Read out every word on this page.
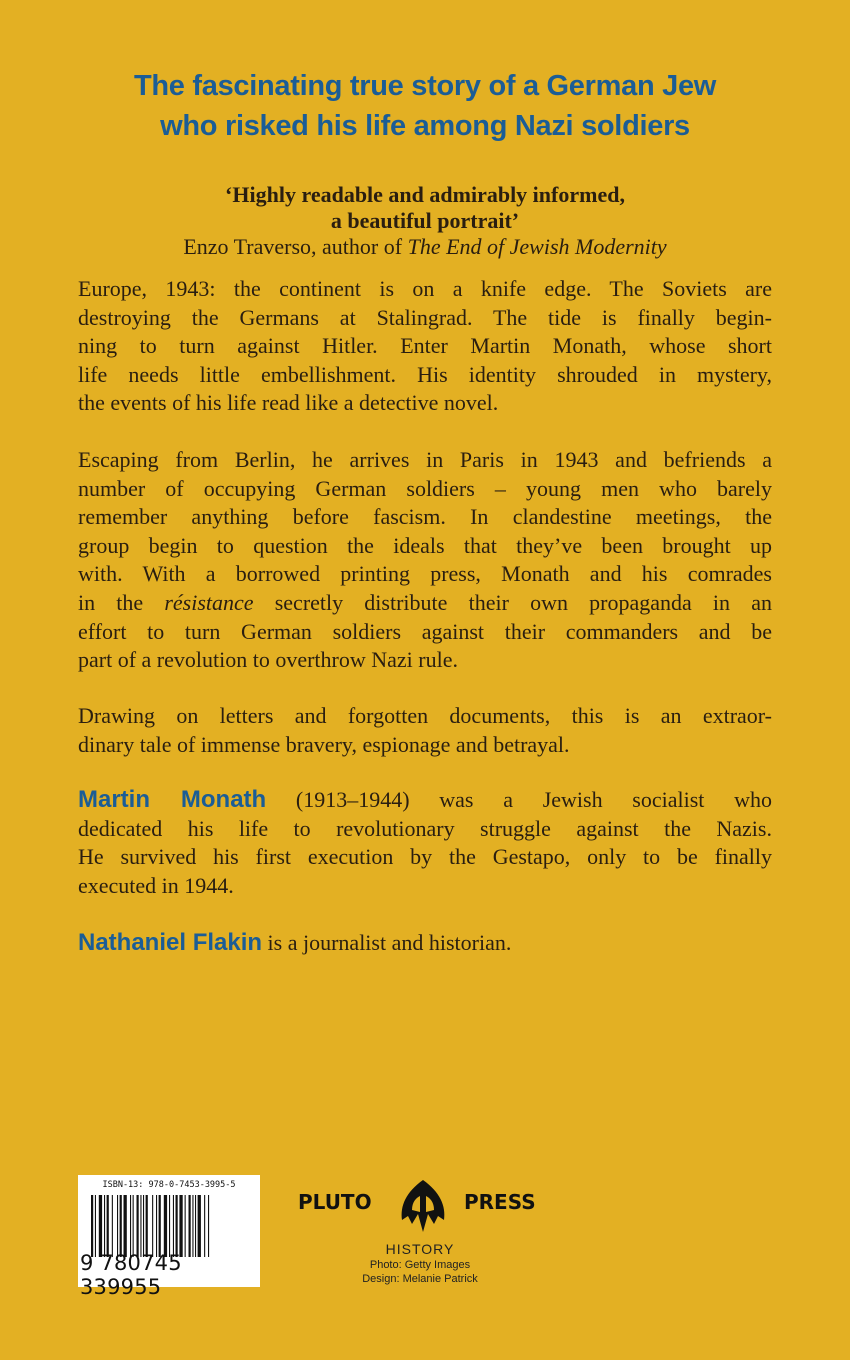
The fascinating true story of a German Jew
who risked his life among Nazi soldiers
‘Highly readable and admirably informed,
a beautiful portrait’
Enzo Traverso, author of The End of Jewish Modernity
Europe, 1943: the continent is on a knife edge. The Soviets are
destroying the Germans at Stalingrad. The tide is finally begin-
ning to turn against Hitler. Enter Martin Monath, whose short
life needs little embellishment. His identity shrouded in mystery,
the events of his life read like a detective novel.
Escaping from Berlin, he arrives in Paris in 1943 and befriends a
number of occupying German soldiers – young men who barely
remember anything before fascism. In clandestine meetings, the
group begin to question the ideals that they’ve been brought up
with. With a borrowed printing press, Monath and his comrades
in the résistance secretly distribute their own propaganda in an
effort to turn German soldiers against their commanders and be
part of a revolution to overthrow Nazi rule.
Drawing on letters and forgotten documents, this is an extraor-
dinary tale of immense bravery, espionage and betrayal.
Martin Monath (1913–1944) was a Jewish socialist who
dedicated his life to revolutionary struggle against the Nazis.
He survived his first execution by the Gestapo, only to be finally
executed in 1944.
Nathaniel Flakin is a journalist and historian.
ISBN-13: 978-0-7453-3995-5
9 780745 339955
PLUTO	PRESS
HISTORY
Photo: Getty Images
Design: Melanie Patrick
